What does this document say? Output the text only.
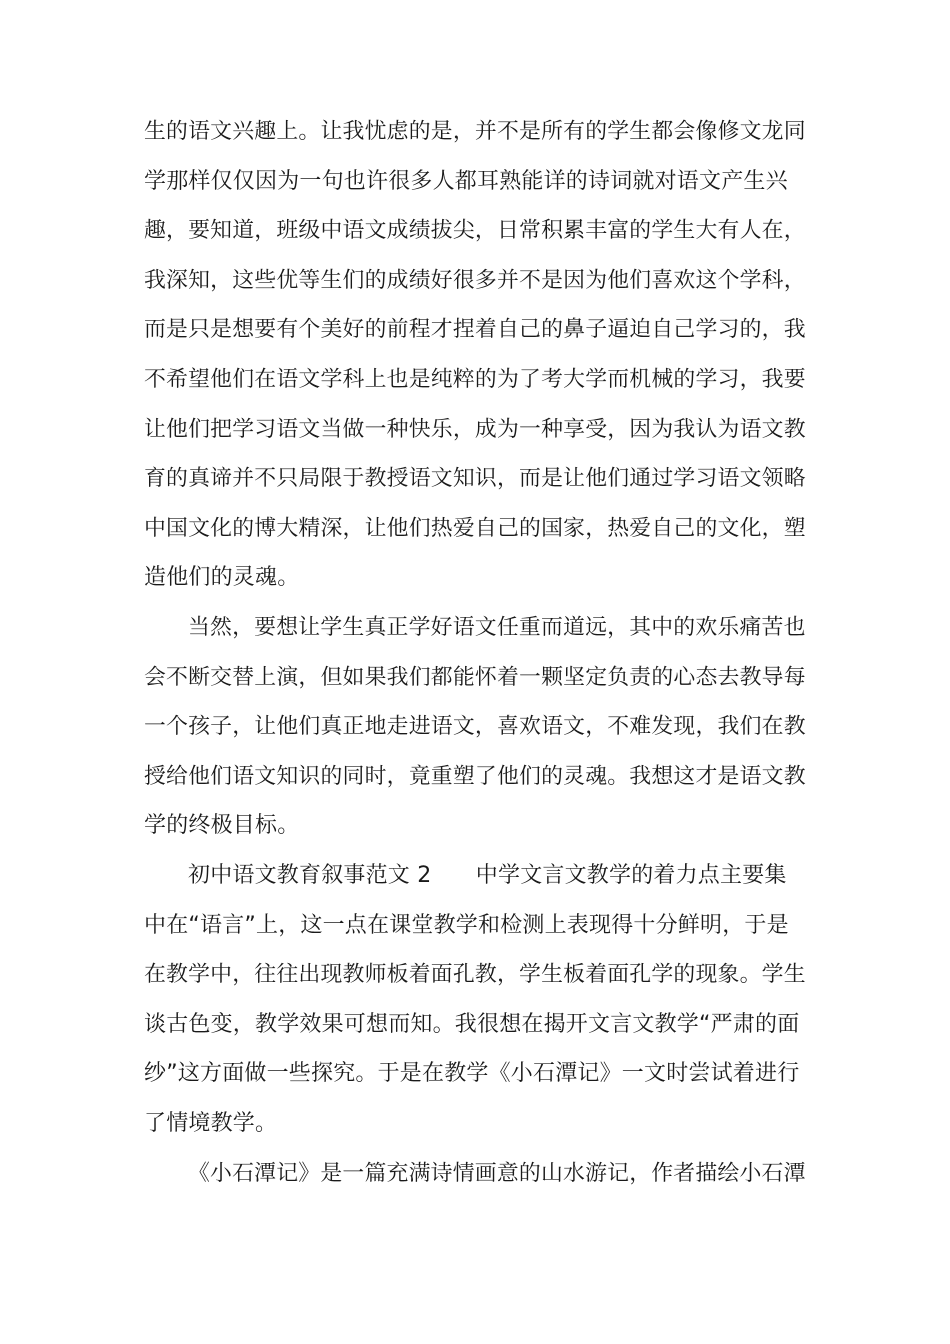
生的语文兴趣上。让我忧虑的是，并不是所有的学生都会像修文龙同
学那样仅仅因为一句也许很多人都耳熟能详的诗词就对语文产生兴
趣，要知道，班级中语文成绩拔尖，日常积累丰富的学生大有人在，
我深知，这些优等生们的成绩好很多并不是因为他们喜欢这个学科，
而是只是想要有个美好的前程才捏着自己的鼻子逼迫自己学习的，我
不希望他们在语文学科上也是纯粹的为了考大学而机械的学习，我要
让他们把学习语文当做一种快乐，成为一种享受，因为我认为语文教
育的真谛并不只局限于教授语文知识，而是让他们通过学习语文领略
中国文化的博大精深，让他们热爱自己的国家，热爱自己的文化，塑
造他们的灵魂。
当然，要想让学生真正学好语文任重而道远，其中的欢乐痛苦也
会不断交替上演，但如果我们都能怀着一颗坚定负责的心态去教导每
一个孩子，让他们真正地走进语文，喜欢语文，不难发现，我们在教
授给他们语文知识的同时，竟重塑了他们的灵魂。我想这才是语文教
学的终极目标。
初中语文教育叙事范文 2　　中学文言文教学的着力点主要集
中在“语言”上，这一点在课堂教学和检测上表现得十分鲜明，于是
在教学中，往往出现教师板着面孔教，学生板着面孔学的现象。学生
谈古色变，教学效果可想而知。我很想在揭开文言文教学“严肃的面
纱”这方面做一些探究。于是在教学《小石潭记》一文时尝试着进行
了情境教学。
《小石潭记》是一篇充满诗情画意的山水游记，作者描绘小石潭
